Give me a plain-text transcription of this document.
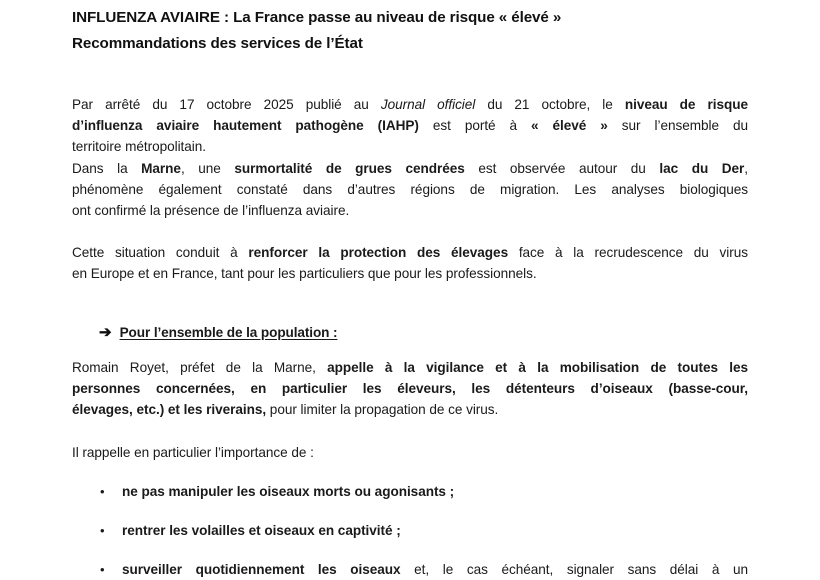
INFLUENZA AVIAIRE : La France passe au niveau de risque « élevé »
Recommandations des services de l’État
Par arrêté du 17 octobre 2025 publié au Journal officiel du 21 octobre, le niveau de risque
d’influenza aviaire hautement pathogène (IAHP) est porté à « élevé » sur l’ensemble du
territoire métropolitain.
Dans la Marne, une surmortalité de grues cendrées est observée autour du lac du Der,
phénomène également constaté dans d’autres régions de migration. Les analyses biologiques
ont confirmé la présence de l’influenza aviaire.
Cette situation conduit à renforcer la protection des élevages face à la recrudescence du virus
en Europe et en France, tant pour les particuliers que pour les professionnels.
➔ Pour l’ensemble de la population :
Romain Royet, préfet de la Marne, appelle à la vigilance et à la mobilisation de toutes les
personnes concernées, en particulier les éleveurs, les détenteurs d’oiseaux (basse-cour,
élevages, etc.) et les riverains, pour limiter la propagation de ce virus.
Il rappelle en particulier l’importance de :
•	ne pas manipuler les oiseaux morts ou agonisants ;
•	rentrer les volailles et oiseaux en captivité ;
•	surveiller quotidiennement les oiseaux et, le cas échéant, signaler sans délai à un
